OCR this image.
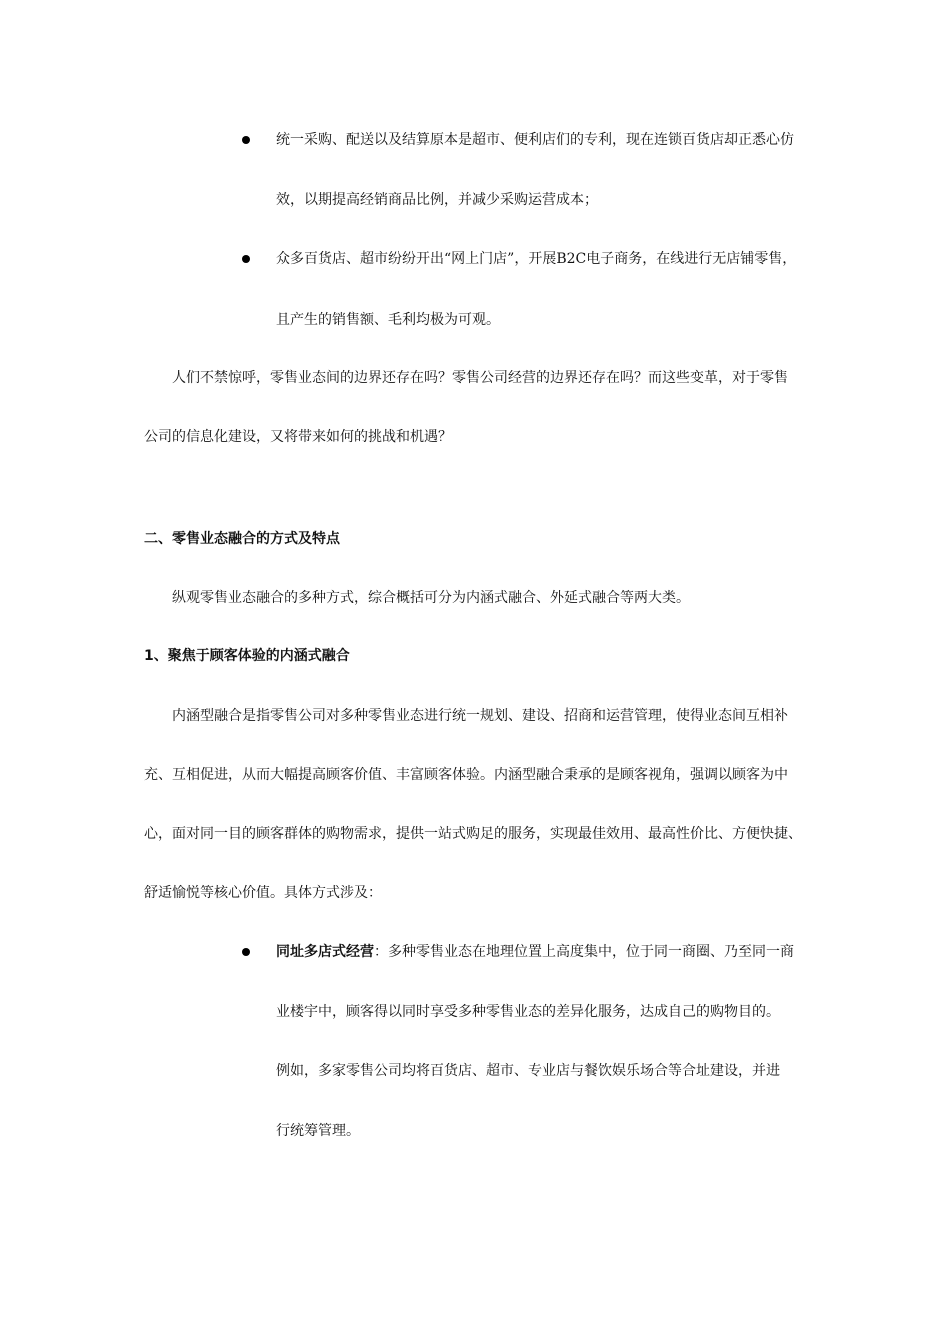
统一采购、配送以及结算原本是超市、便利店们的专利，现在连锁百货店却正悉心仿
效，以期提高经销商品比例，并减少采购运营成本；
众多百货店、超市纷纷开出“网上门店”，开展B2C电子商务，在线进行无店铺零售，
且产生的销售额、毛利均极为可观。
人们不禁惊呼，零售业态间的边界还存在吗？零售公司经营的边界还存在吗？而这些变革，对于零售
公司的信息化建设，又将带来如何的挑战和机遇？
二、零售业态融合的方式及特点
纵观零售业态融合的多种方式，综合概括可分为内涵式融合、外延式融合等两大类。
1、聚焦于顾客体验的内涵式融合
内涵型融合是指零售公司对多种零售业态进行统一规划、建设、招商和运营管理，使得业态间互相补
充、互相促进，从而大幅提高顾客价值、丰富顾客体验。内涵型融合秉承的是顾客视角，强调以顾客为中
心，面对同一目的顾客群体的购物需求，提供一站式购足的服务，实现最佳效用、最高性价比、方便快捷、
舒适愉悦等核心价值。具体方式涉及：
同址多店式经营：多种零售业态在地理位置上高度集中，位于同一商圈、乃至同一商
业楼宇中，顾客得以同时享受多种零售业态的差异化服务，达成自己的购物目的。
例如，多家零售公司均将百货店、超市、专业店与餐饮娱乐场合等合址建设，并进
行统筹管理。
